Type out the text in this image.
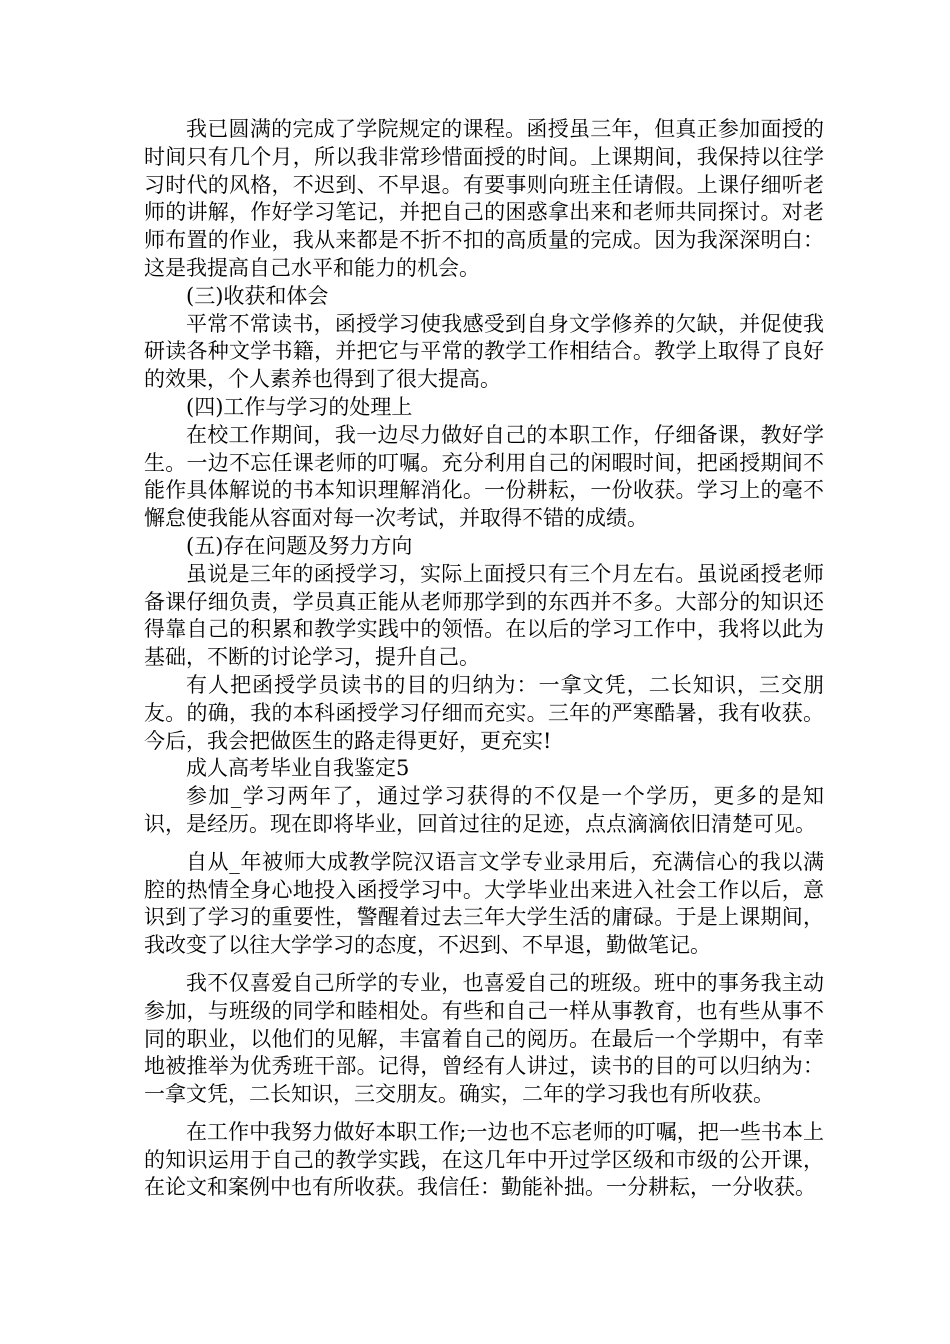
我已圆满的完成了学院规定的课程。函授虽三年，但真正参加面授的时间只有几个月，所以我非常珍惜面授的时间。上课期间，我保持以往学习时代的风格，不迟到、不早退。有要事则向班主任请假。上课仔细听老师的讲解，作好学习笔记，并把自己的困惑拿出来和老师共同探讨。对老师布置的作业，我从来都是不折不扣的高质量的完成。因为我深深明白：这是我提高自己水平和能力的机会。

(三)收获和体会

平常不常读书，函授学习使我感受到自身文学修养的欠缺，并促使我研读各种文学书籍，并把它与平常的教学工作相结合。教学上取得了良好的效果，个人素养也得到了很大提高。

(四)工作与学习的处理上

在校工作期间，我一边尽力做好自己的本职工作，仔细备课，教好学生。一边不忘任课老师的叮嘱。充分利用自己的闲暇时间，把函授期间不能作具体解说的书本知识理解消化。一份耕耘，一份收获。学习上的毫不懈怠使我能从容面对每一次考试，并取得不错的成绩。

(五)存在问题及努力方向

虽说是三年的函授学习，实际上面授只有三个月左右。虽说函授老师备课仔细负责，学员真正能从老师那学到的东西并不多。大部分的知识还得靠自己的积累和教学实践中的领悟。在以后的学习工作中，我将以此为基础，不断的讨论学习，提升自己。

有人把函授学员读书的目的归纳为：一拿文凭，二长知识，三交朋友。的确，我的本科函授学习仔细而充实。三年的严寒酷暑，我有收获。今后，我会把做医生的路走得更好，更充实!

成人高考毕业自我鉴定5

参加_学习两年了，通过学习获得的不仅是一个学历，更多的是知识，是经历。现在即将毕业，回首过往的足迹，点点滴滴依旧清楚可见。

自从_年被师大成教学院汉语言文学专业录用后，充满信心的我以满腔的热情全身心地投入函授学习中。大学毕业出来进入社会工作以后，意识到了学习的重要性，警醒着过去三年大学生活的庸碌。于是上课期间，我改变了以往大学学习的态度，不迟到、不早退，勤做笔记。

我不仅喜爱自己所学的专业，也喜爱自己的班级。班中的事务我主动参加，与班级的同学和睦相处。有些和自己一样从事教育，也有些从事不同的职业，以他们的见解，丰富着自己的阅历。在最后一个学期中，有幸地被推举为优秀班干部。记得，曾经有人讲过，读书的目的可以归纳为：一拿文凭，二长知识，三交朋友。确实，二年的学习我也有所收获。

在工作中我努力做好本职工作;一边也不忘老师的叮嘱，把一些书本上的知识运用于自己的教学实践，在这几年中开过学区级和市级的公开课，在论文和案例中也有所收获。我信任：勤能补拙。一分耕耘，一分收获。
